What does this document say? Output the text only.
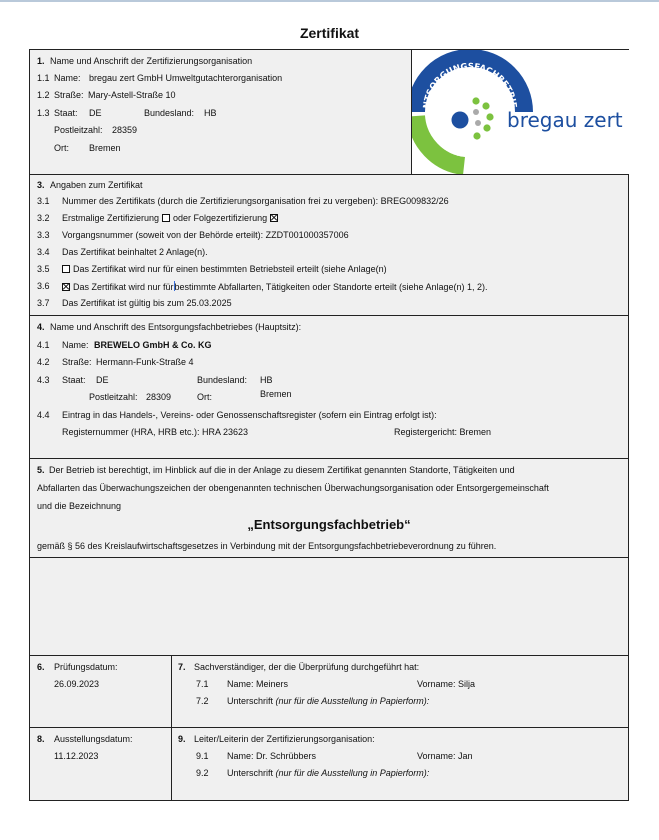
Zertifikat
1. Name und Anschrift der Zertifizierungsorganisation
1.1 Name: bregau zert GmbH Umweltgutachterorganisation
1.2 Straße: Mary-Astell-Straße 10
1.3 Staat: DE	Bundesland: HB
Postleitzahl: 28359
Ort: Bremen
NTSORGUNGSFACHBETRIE
ZERTIFIZIERT
bregau zert
3. Angaben zum Zertifikat
3.1 Nummer des Zertifikats (durch die Zertifizierungsorganisation frei zu vergeben): BREG009832/26
3.2 Erstmalige Zertifizierung oder Folgezertifizierung
3.3 Vorgangsnummer (soweit von der Behörde erteilt): ZZDT001000357006
3.4 Das Zertifikat beinhaltet 2 Anlage(n).
3.5	Das Zertifikat wird nur für einen bestimmten Betriebsteil erteilt (siehe Anlage(n)
3.6	Das Zertifikat wird nur fürbestimmte Abfallarten, Tätigkeiten oder Standorte erteilt (siehe Anlage(n) 1, 2).
3.7 Das Zertifikat ist gültig bis zum 25.03.2025
4. Name und Anschrift des Entsorgungsfachbetriebes (Hauptsitz):
4.1 Name: BREWELO GmbH & Co. KG
4.2 Straße: Hermann-Funk-Straße 4
4.3 Staat: DE	Bundesland: HB
Postleitzahl: 28309	Ort:	Bremen
4.4 Eintrag in das Handels-, Vereins- oder Genossenschaftsregister (sofern ein Eintrag erfolgt ist):
Registernummer (HRA, HRB etc.): HRA 23623	Registergericht: Bremen
5. Der Betrieb ist berechtigt, im Hinblick auf die in der Anlage zu diesem Zertifikat genannten Standorte, Tätigkeiten und
Abfallarten das Überwachungszeichen der obengenannten technischen Überwachungsorganisation oder Entsorgergemeinschaft
und die Bezeichnung
„Entsorgungsfachbetrieb“
gemäß § 56 des Kreislaufwirtschaftsgesetzes in Verbindung mit der Entsorgungsfachbetriebeverordnung zu führen.
6. Prüfungsdatum:
26.09.2023
7. Sachverständiger, der die Überprüfung durchgeführt hat:
7.1 Name: Meiners	Vorname: Silja
7.2 Unterschrift (nur für die Ausstellung in Papierform):
8. Ausstellungsdatum:
11.12.2023
9. Leiter/Leiterin der Zertifizierungsorganisation:
9.1 Name: Dr. Schrübbers	Vorname: Jan
9.2 Unterschrift (nur für die Ausstellung in Papierform):
